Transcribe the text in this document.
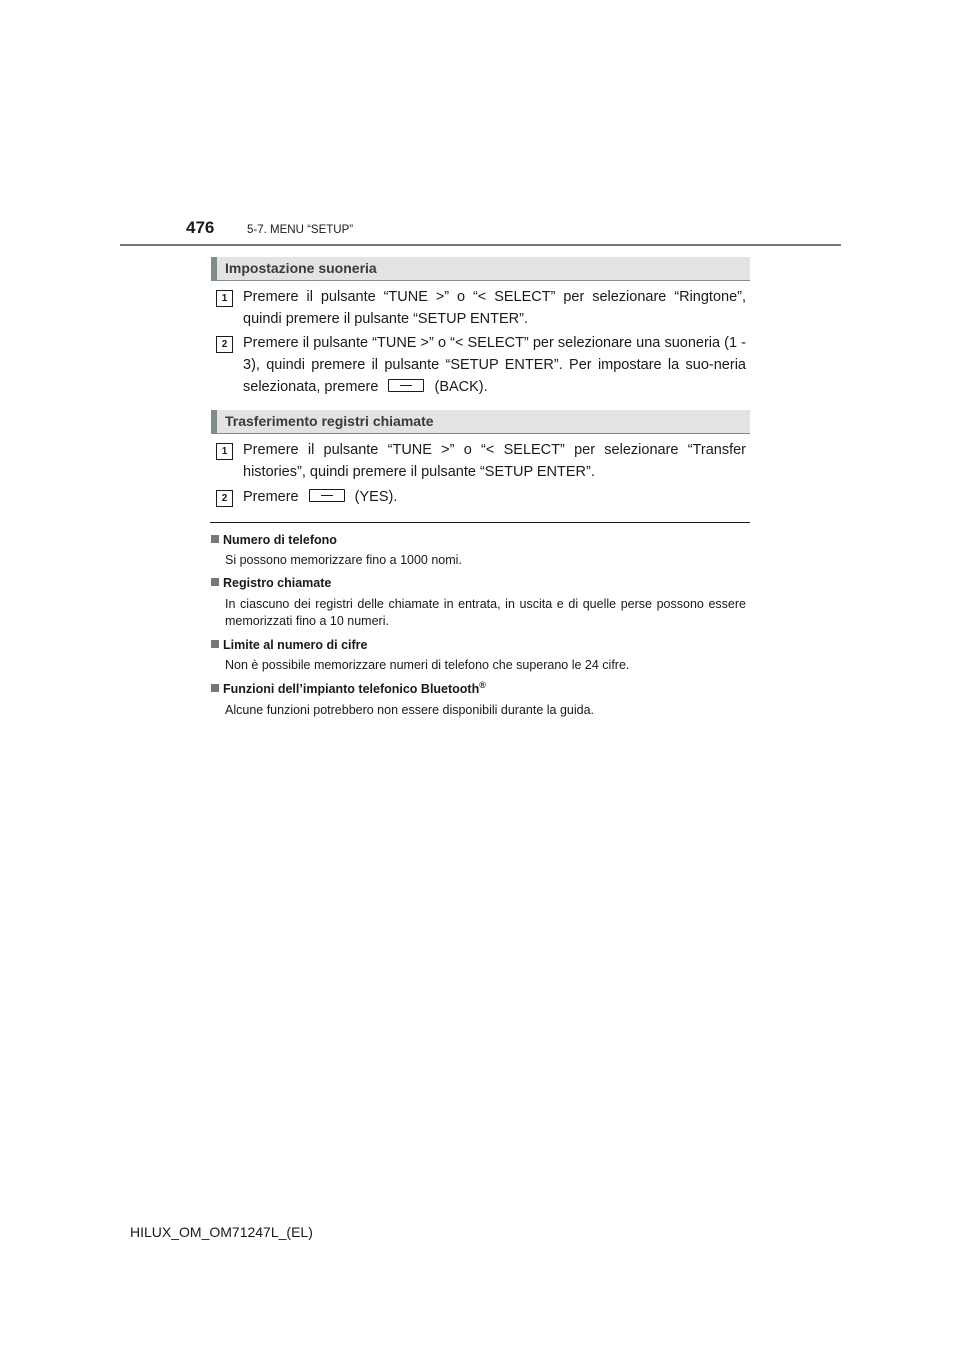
476	5-7. MENU “SETUP”
Impostazione suoneria
1	Premere il pulsante “TUNE >” o “< SELECT” per selezionare “Ringtone”, quindi premere il pulsante “SETUP ENTER”.
2	Premere il pulsante “TUNE >” o “< SELECT” per selezionare una suoneria (1 - 3), quindi premere il pulsante “SETUP ENTER”. Per impostare la suo-neria selezionata, premere	(BACK).
Trasferimento registri chiamate
1	Premere il pulsante “TUNE >” o “< SELECT” per selezionare “Transfer histories”, quindi premere il pulsante “SETUP ENTER”.
2	Premere	(YES).
Numero di telefono
Si possono memorizzare fino a 1000 nomi.
Registro chiamate
In ciascuno dei registri delle chiamate in entrata, in uscita e di quelle perse possono essere memorizzati fino a 10 numeri.
Limite al numero di cifre
Non è possibile memorizzare numeri di telefono che superano le 24 cifre.
Funzioni dell’impianto telefonico Bluetooth®
Alcune funzioni potrebbero non essere disponibili durante la guida.
HILUX_OM_OM71247L_(EL)
